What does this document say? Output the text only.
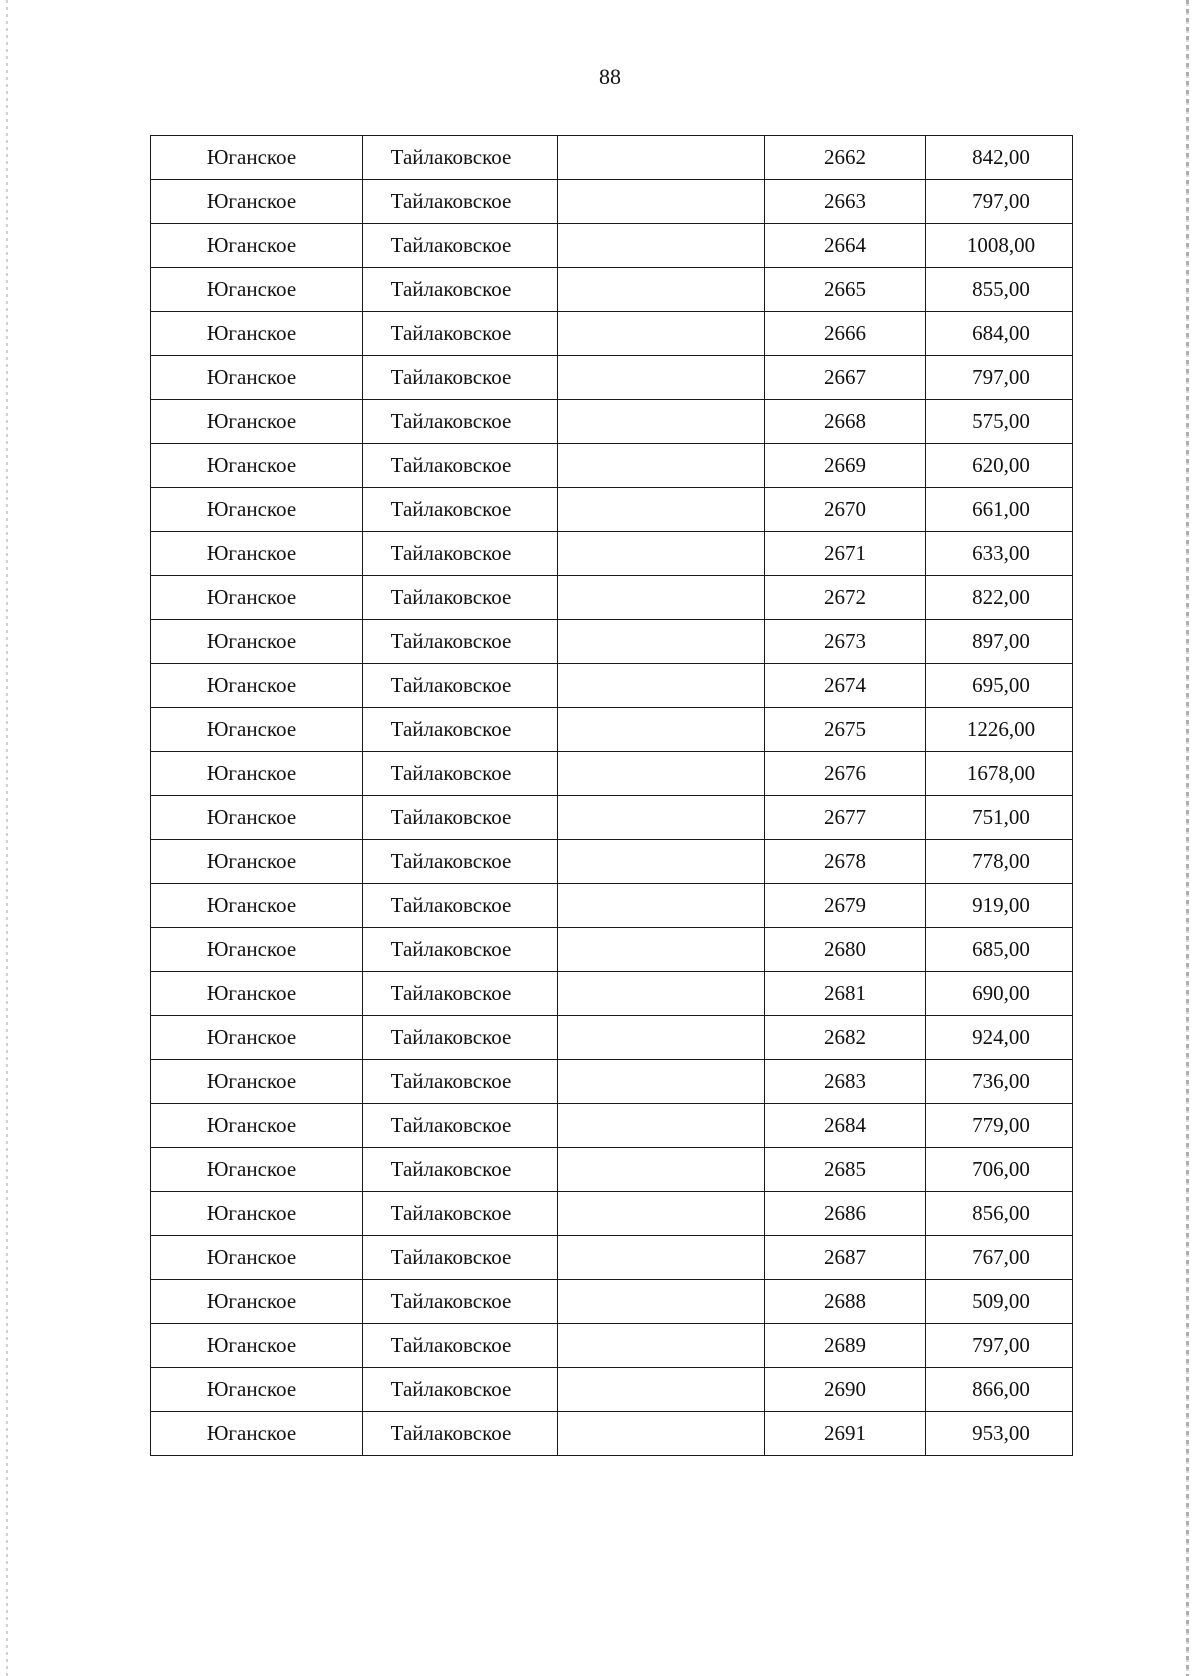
88
Юганское	Тайлаковское		2662	842,00
Юганское	Тайлаковское		2663	797,00
Юганское	Тайлаковское		2664	1008,00
Юганское	Тайлаковское		2665	855,00
Юганское	Тайлаковское		2666	684,00
Юганское	Тайлаковское		2667	797,00
Юганское	Тайлаковское		2668	575,00
Юганское	Тайлаковское		2669	620,00
Юганское	Тайлаковское		2670	661,00
Юганское	Тайлаковское		2671	633,00
Юганское	Тайлаковское		2672	822,00
Юганское	Тайлаковское		2673	897,00
Юганское	Тайлаковское		2674	695,00
Юганское	Тайлаковское		2675	1226,00
Юганское	Тайлаковское		2676	1678,00
Юганское	Тайлаковское		2677	751,00
Юганское	Тайлаковское		2678	778,00
Юганское	Тайлаковское		2679	919,00
Юганское	Тайлаковское		2680	685,00
Юганское	Тайлаковское		2681	690,00
Юганское	Тайлаковское		2682	924,00
Юганское	Тайлаковское		2683	736,00
Юганское	Тайлаковское		2684	779,00
Юганское	Тайлаковское		2685	706,00
Юганское	Тайлаковское		2686	856,00
Юганское	Тайлаковское		2687	767,00
Юганское	Тайлаковское		2688	509,00
Юганское	Тайлаковское		2689	797,00
Юганское	Тайлаковское		2690	866,00
Юганское	Тайлаковское		2691	953,00
